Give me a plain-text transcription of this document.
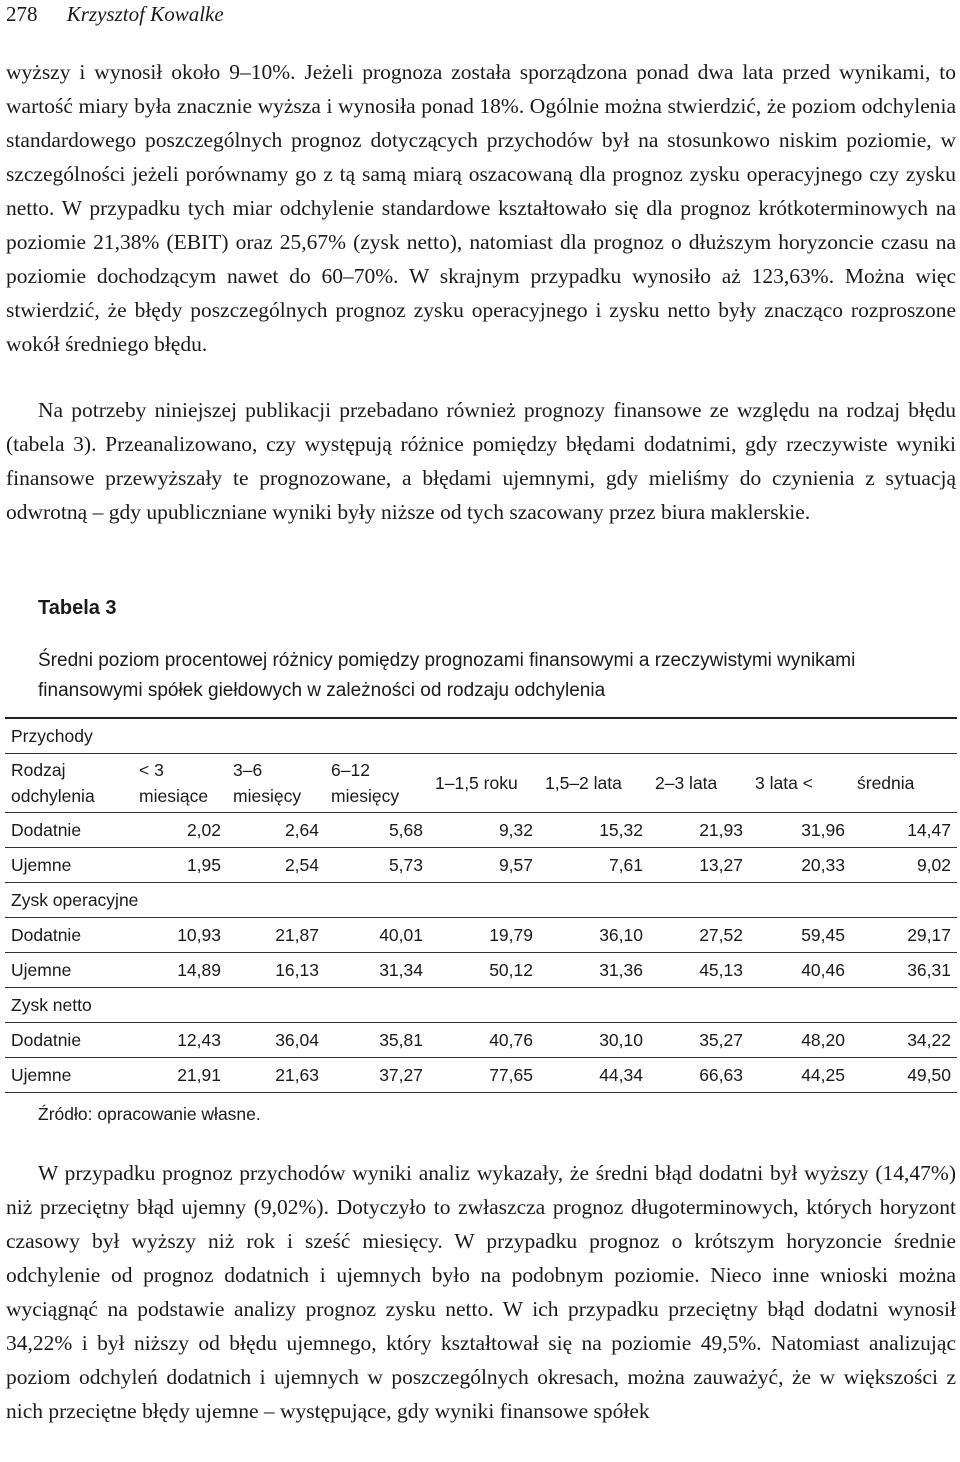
278 Krzysztof Kowalke

wyższy i wynosił około 9–10%. Jeżeli prognoza została sporządzona ponad dwa lata przed wynikami, to wartość miary była znacznie wyższa i wynosiła ponad 18%. Ogólnie można stwierdzić, że poziom odchylenia standardowego poszczególnych prognoz dotyczących przychodów był na stosunkowo niskim poziomie, w szczególności jeżeli porównamy go z tą samą miarą oszacowaną dla prognoz zysku operacyjnego czy zysku netto. W przypadku tych miar odchylenie standardowe kształtowało się dla prognoz krótkoterminowych na poziomie 21,38% (EBIT) oraz 25,67% (zysk netto), natomiast dla prognoz o dłuższym horyzoncie czasu na poziomie dochodzącym nawet do 60–70%. W skrajnym przypadku wynosiło aż 123,63%. Można więc stwierdzić, że błędy poszczególnych prognoz zysku operacyjnego i zysku netto były znacząco rozproszone wokół średniego błędu.

Na potrzeby niniejszej publikacji przebadano również prognozy finansowe ze względu na rodzaj błędu (tabela 3). Przeanalizowano, czy występują różnice pomiędzy błędami dodatnimi, gdy rzeczywiste wyniki finansowe przewyższały te prognozowane, a błędami ujemnymi, gdy mieliśmy do czynienia z sytuacją odwrotną – gdy upubliczniane wyniki były niższe od tych szacowany przez biura maklerskie.

Tabela 3
Średni poziom procentowej różnicy pomiędzy prognozami finansowymi a rzeczywistymi wynikami finansowymi spółek giełdowych w zależności od rodzaju odchylenia
Przychody								
Rodzaj odchylenia	< 3 miesiące	3–6 miesięcy	6–12 miesięcy	1–1,5 roku	1,5–2 lata	2–3 lata	3 lata <	średnia
Dodatnie	2,02	2,64	5,68	9,32	15,32	21,93	31,96	14,47
Ujemne	1,95	2,54	5,73	9,57	7,61	13,27	20,33	9,02
Zysk operacyjne								
Dodatnie	10,93	21,87	40,01	19,79	36,10	27,52	59,45	29,17
Ujemne	14,89	16,13	31,34	50,12	31,36	45,13	40,46	36,31
Zysk netto								
Dodatnie	12,43	36,04	35,81	40,76	30,10	35,27	48,20	34,22
Ujemne	21,91	21,63	37,27	77,65	44,34	66,63	44,25	49,50
Źródło: opracowanie własne.

W przypadku prognoz przychodów wyniki analiz wykazały, że średni błąd dodatni był wyższy (14,47%) niż przeciętny błąd ujemny (9,02%). Dotyczyło to zwłaszcza prognoz długoterminowych, których horyzont czasowy był wyższy niż rok i sześć miesięcy. W przypadku prognoz o krótszym horyzoncie średnie odchylenie od prognoz dodatnich i ujemnych było na podobnym poziomie. Nieco inne wnioski można wyciągnąć na podstawie analizy prognoz zysku netto. W ich przypadku przeciętny błąd dodatni wynosił 34,22% i był niższy od błędu ujemnego, który kształtował się na poziomie 49,5%. Natomiast analizując poziom odchyleń dodatnich i ujemnych w poszczególnych okresach, można zauważyć, że w większości z nich przeciętne błędy ujemne – występujące, gdy wyniki finansowe spółek
